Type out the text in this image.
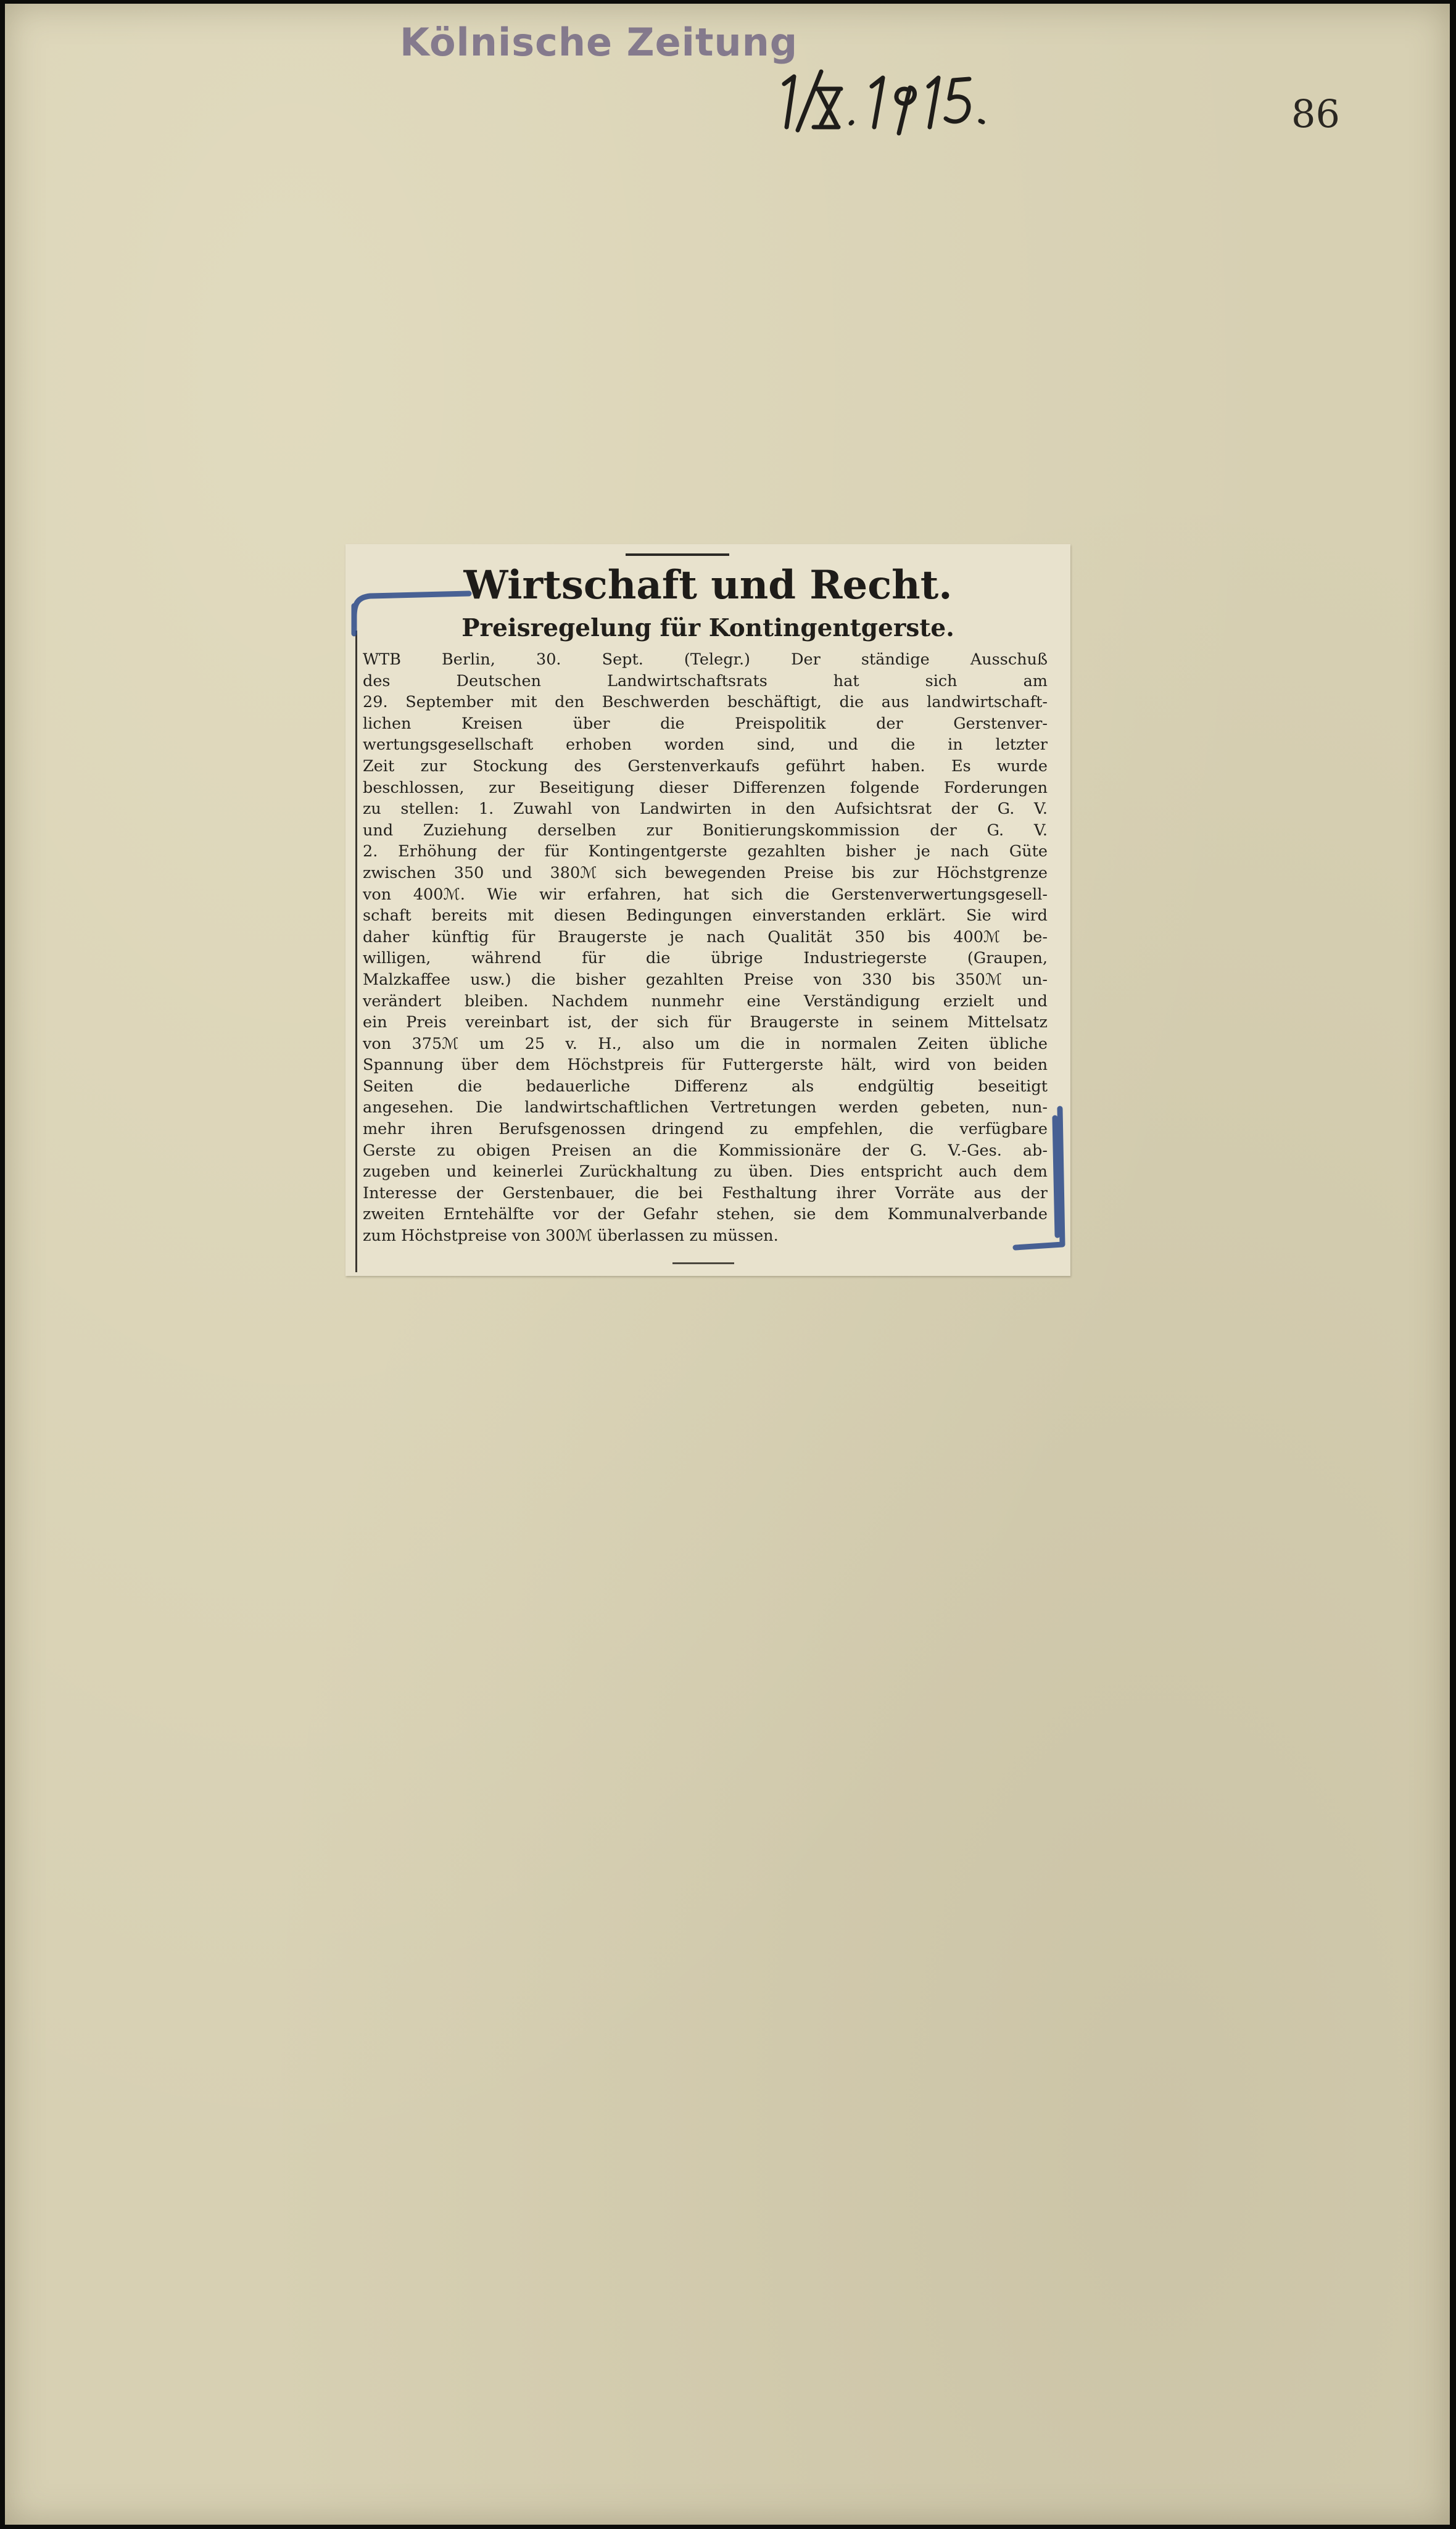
Kölnische Zeitung
86
Wirtschaft und Recht.
Preisregelung für Kontingentgerste.
WTB Berlin, 30. Sept. (Telegr.) Der ständige Ausschuß
des Deutschen Landwirtschaftsrats hat sich am
29. September mit den Beschwerden beschäftigt, die aus landwirtschaft-
lichen Kreisen über die Preispolitik der Gerstenver-
wertungsgesellschaft erhoben worden sind, und die in letzter
Zeit zur Stockung des Gerstenverkaufs geführt haben. Es wurde
beschlossen, zur Beseitigung dieser Differenzen folgende Forderungen
zu stellen: 1. Zuwahl von Landwirten in den Aufsichtsrat der G. V.
und Zuziehung derselben zur Bonitierungskommission der G. V.
2. Erhöhung der für Kontingentgerste gezahlten bisher je nach Güte
zwischen 350 und 380ℳ sich bewegenden Preise bis zur Höchstgrenze
von 400ℳ. Wie wir erfahren, hat sich die Gerstenverwertungsgesell-
schaft bereits mit diesen Bedingungen einverstanden erklärt. Sie wird
daher künftig für Braugerste je nach Qualität 350 bis 400ℳ be-
willigen, während für die übrige Industriegerste (Graupen,
Malzkaffee usw.) die bisher gezahlten Preise von 330 bis 350ℳ un-
verändert bleiben. Nachdem nunmehr eine Verständigung erzielt und
ein Preis vereinbart ist, der sich für Braugerste in seinem Mittelsatz
von 375ℳ um 25 v. H., also um die in normalen Zeiten übliche
Spannung über dem Höchstpreis für Futtergerste hält, wird von beiden
Seiten die bedauerliche Differenz als endgültig beseitigt
angesehen. Die landwirtschaftlichen Vertretungen werden gebeten, nun-
mehr ihren Berufsgenossen dringend zu empfehlen, die verfügbare
Gerste zu obigen Preisen an die Kommissionäre der G. V.-Ges. ab-
zugeben und keinerlei Zurückhaltung zu üben. Dies entspricht auch dem
Interesse der Gerstenbauer, die bei Festhaltung ihrer Vorräte aus der
zweiten Erntehälfte vor der Gefahr stehen, sie dem Kommunalverbande
zum Höchstpreise von 300ℳ überlassen zu müssen.
